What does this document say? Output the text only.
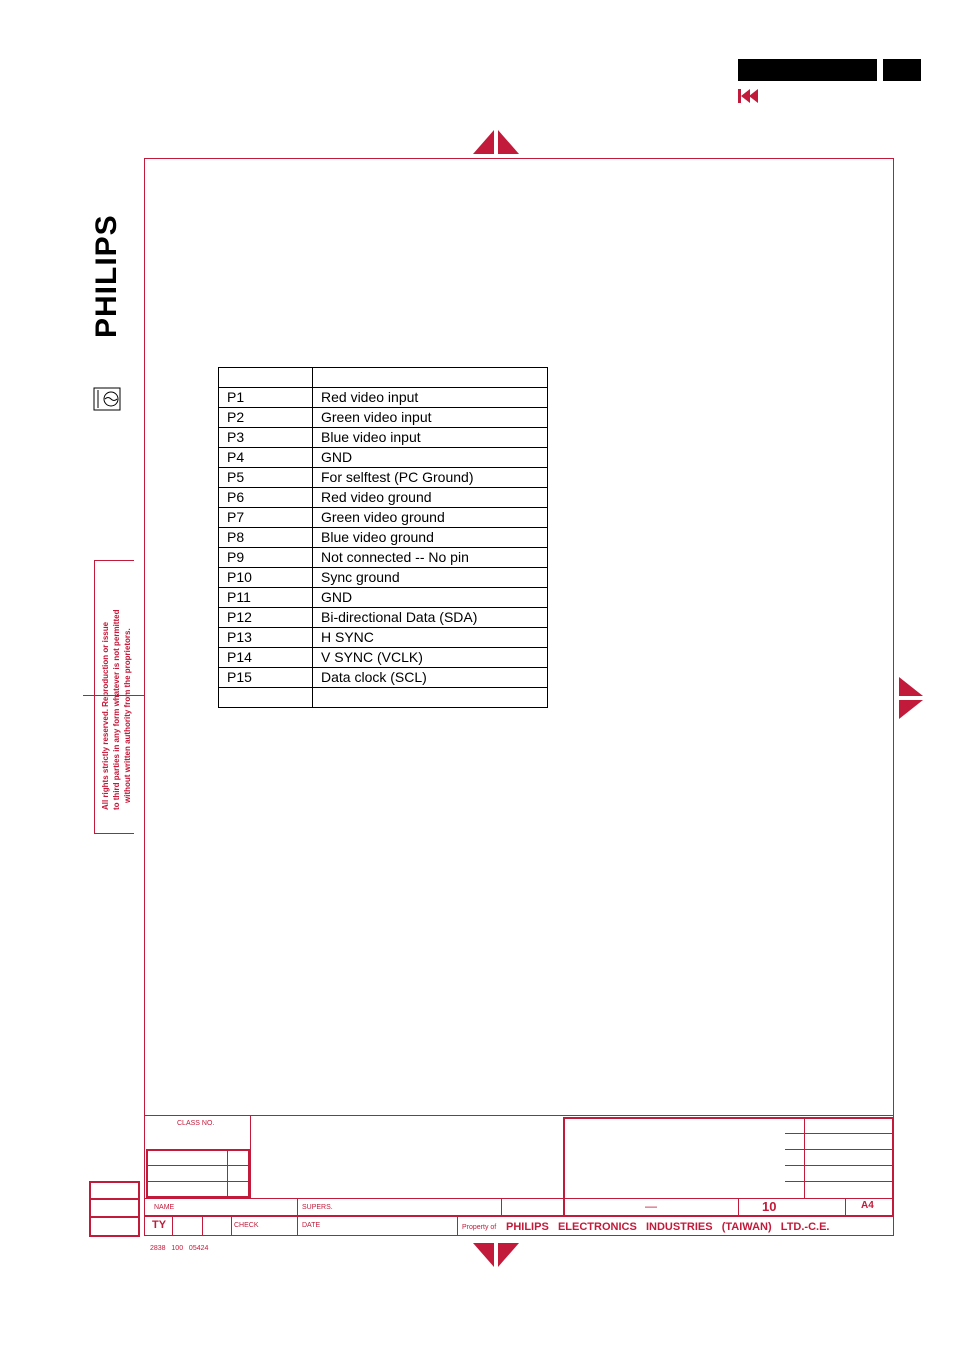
PHILIPS
All rights strictly reserved. Reproduction or issue to third parties in any form whatever is not permitted without written authority from the proprietors.

P1	Red video input
P2	Green video input
P3	Blue video input
P4	GND
P5	For selftest (PC Ground)
P6	Red video ground
P7	Green video ground
P8	Blue video ground
P9	Not connected -- No pin
P10	Sync ground
P11	GND
P12	Bi-directional Data (SDA)
P13	H SYNC
P14	V SYNC (VCLK)
P15	Data clock (SCL)

CLASS NO.
NAME	SUPERS.	—	10	A4
TY	CHECK	DATE	Property of PHILIPS   ELECTRONICS   INDUSTRIES   (TAIWAN)   LTD.-C.E.
2838   100   05424
